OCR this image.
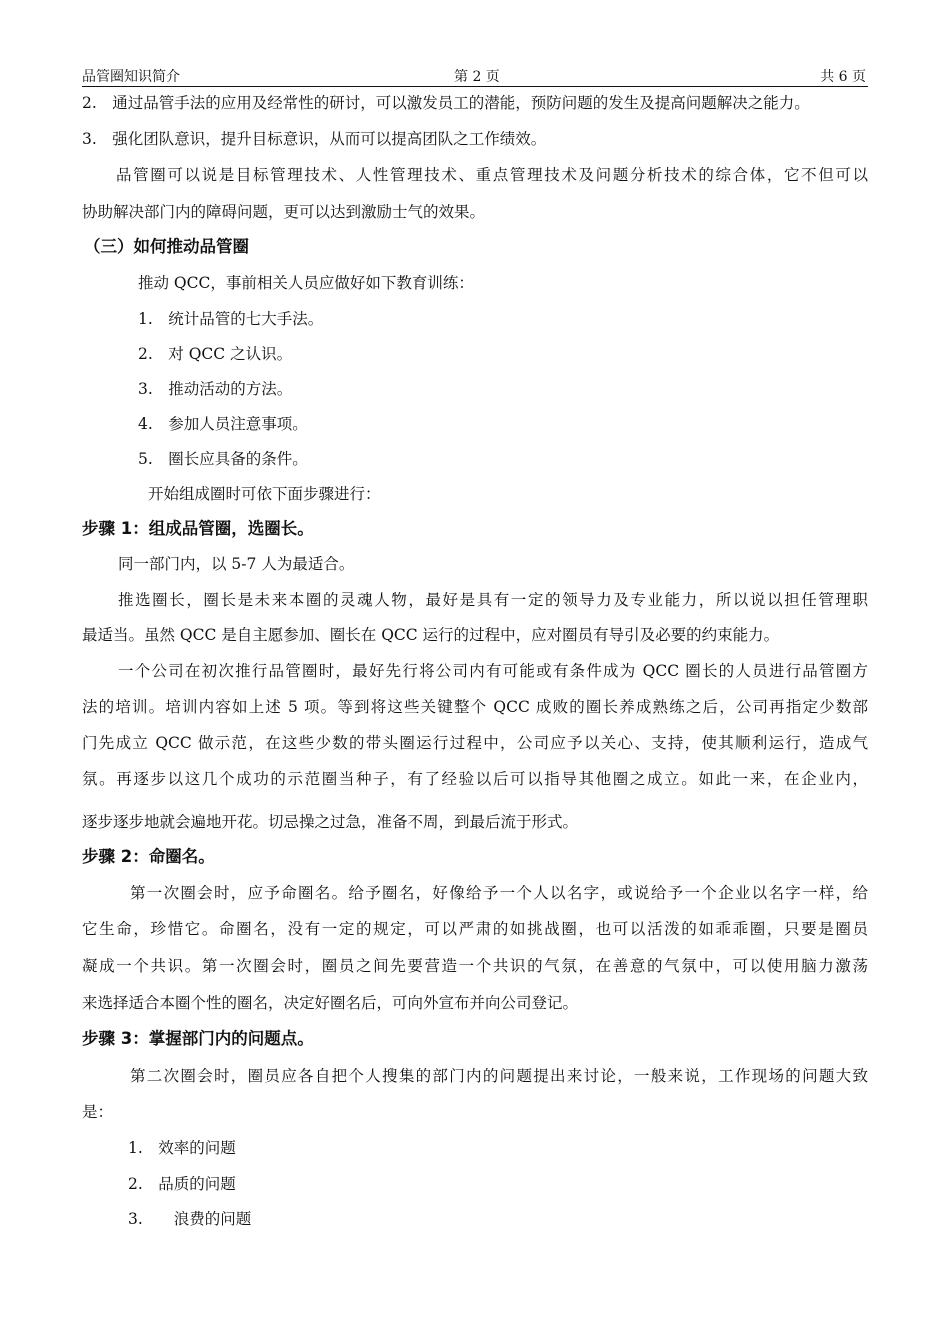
品管圈知识简介	第 2 页	共 6 页
2.　通过品管手法的应用及经常性的研讨，可以激发员工的潜能，预防问题的发生及提高问题解决之能力。
3.　强化团队意识，提升目标意识，从而可以提高团队之工作绩效。
品管圈可以说是目标管理技术、人性管理技术、重点管理技术及问题分析技术的综合体，它不但可以
协助解决部门内的障碍问题，更可以达到激励士气的效果。
（三）如何推动品管圈
推动 QCC，事前相关人员应做好如下教育训练：
1.　统计品管的七大手法。
2.　对 QCC 之认识。
3.　推动活动的方法。
4.　参加人员注意事项。
5.　圈长应具备的条件。
开始组成圈时可依下面步骤进行：
步骤 1：组成品管圈，选圈长。
同一部门内，以 5-7 人为最适合。
推选圈长，圈长是未来本圈的灵魂人物，最好是具有一定的领导力及专业能力，所以说以担任管理职
最适当。虽然 QCC 是自主愿参加、圈长在 QCC 运行的过程中，应对圈员有导引及必要的约束能力。
一个公司在初次推行品管圈时，最好先行将公司内有可能或有条件成为 QCC 圈长的人员进行品管圈方
法的培训。培训内容如上述 5 项。等到将这些关键整个 QCC 成败的圈长养成熟练之后，公司再指定少数部
门先成立 QCC 做示范，在这些少数的带头圈运行过程中，公司应予以关心、支持，使其顺利运行，造成气
氛。再逐步以这几个成功的示范圈当种子，有了经验以后可以指导其他圈之成立。如此一来，在企业内，
逐步逐步地就会遍地开花。切忌操之过急，准备不周，到最后流于形式。
步骤 2：命圈名。
第一次圈会时，应予命圈名。给予圈名，好像给予一个人以名字，或说给予一个企业以名字一样，给
它生命，珍惜它。命圈名，没有一定的规定，可以严肃的如挑战圈，也可以活泼的如乖乖圈，只要是圈员
凝成一个共识。第一次圈会时，圈员之间先要营造一个共识的气氛，在善意的气氛中，可以使用脑力激荡
来选择适合本圈个性的圈名，决定好圈名后，可向外宣布并向公司登记。
步骤 3：掌握部门内的问题点。
第二次圈会时，圈员应各自把个人搜集的部门内的问题提出来讨论，一般来说，工作现场的问题大致
是：
1.　效率的问题
2.　品质的问题
3.　　浪费的问题
